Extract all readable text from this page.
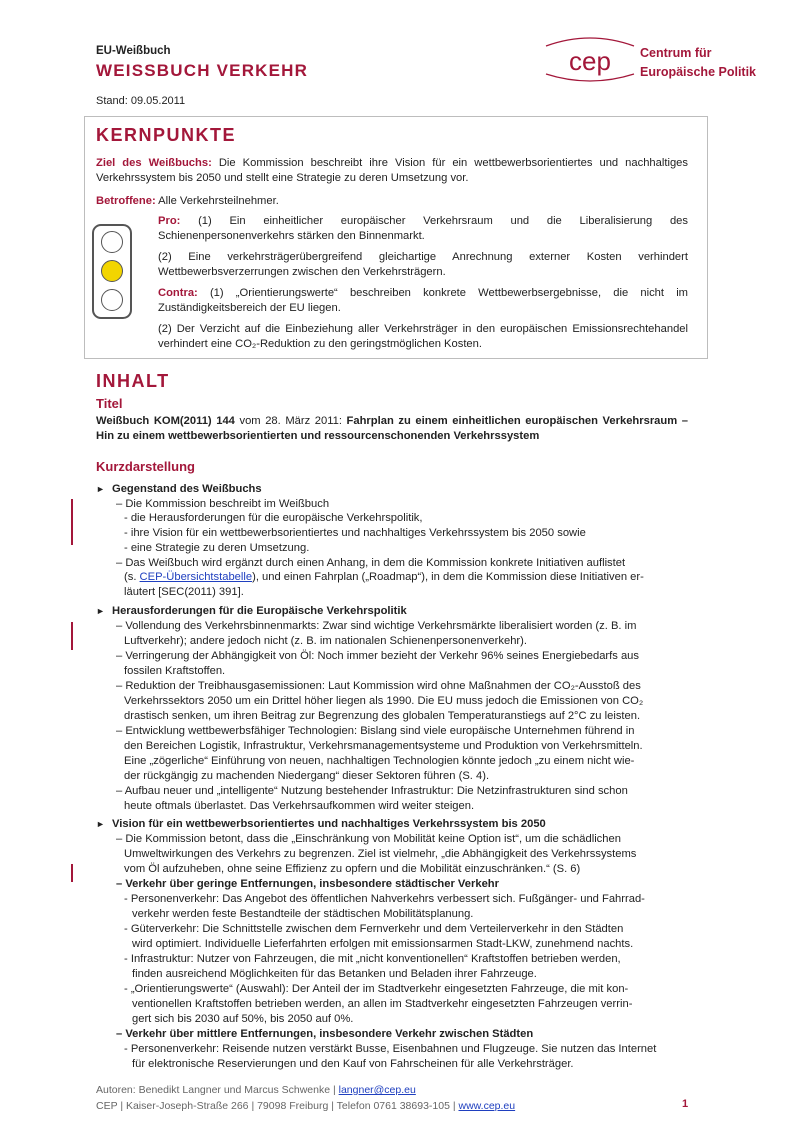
EU-Weißbuch
WEISSBUCH VERKEHR
Stand: 09.05.2011
cep Centrum für
Europäische Politik
KERNPUNKTE
Ziel des Weißbuchs: Die Kommission beschreibt ihre Vision für ein wettbewerbsorientiertes und nachhaltiges Verkehrssystem bis 2050 und stellt eine Strategie zu deren Umsetzung vor.
Betroffene: Alle Verkehrsteilnehmer.
Pro: (1) Ein einheitlicher europäischer Verkehrsraum und die Liberalisierung des Schienenpersonenverkehrs stärken den Binnenmarkt.
(2) Eine verkehrsträgerübergreifend gleichartige Anrechnung externer Kosten verhindert Wettbewerbsverzerrungen zwischen den Verkehrsträgern.
Contra: (1) „Orientierungswerte“ beschreiben konkrete Wettbewerbsergebnisse, die nicht im Zuständigkeitsbereich der EU liegen.
(2) Der Verzicht auf die Einbeziehung aller Verkehrsträger in den europäischen Emissionsrechtehandel verhindert eine CO₂-Reduktion zu den geringstmöglichen Kosten.
INHALT
Titel
Weißbuch KOM(2011) 144 vom 28. März 2011: Fahrplan zu einem einheitlichen europäischen Verkehrsraum – Hin zu einem wettbewerbsorientierten und ressourcenschonenden Verkehrssystem
Kurzdarstellung
► Gegenstand des Weißbuchs
– Die Kommission beschreibt im Weißbuch
- die Herausforderungen für die europäische Verkehrspolitik,
- ihre Vision für ein wettbewerbsorientiertes und nachhaltiges Verkehrssystem bis 2050 sowie
- eine Strategie zu deren Umsetzung.
– Das Weißbuch wird ergänzt durch einen Anhang, in dem die Kommission konkrete Initiativen auflistet
(s. CEP-Übersichtstabelle), und einen Fahrplan („Roadmap“), in dem die Kommission diese Initiativen er-
läutert [SEC(2011) 391].
► Herausforderungen für die Europäische Verkehrspolitik
– Vollendung des Verkehrsbinnenmarkts: Zwar sind wichtige Verkehrsmärkte liberalisiert worden (z. B. im
Luftverkehr); andere jedoch nicht (z. B. im nationalen Schienenpersonenverkehr).
– Verringerung der Abhängigkeit von Öl: Noch immer bezieht der Verkehr 96% seines Energiebedarfs aus
fossilen Kraftstoffen.
– Reduktion der Treibhausgasemissionen: Laut Kommission wird ohne Maßnahmen der CO₂-Ausstoß des
Verkehrssektors 2050 um ein Drittel höher liegen als 1990. Die EU muss jedoch die Emissionen von CO₂
drastisch senken, um ihren Beitrag zur Begrenzung des globalen Temperaturanstiegs auf 2°C zu leisten.
– Entwicklung wettbewerbsfähiger Technologien: Bislang sind viele europäische Unternehmen führend in
den Bereichen Logistik, Infrastruktur, Verkehrsmanagementsysteme und Produktion von Verkehrsmitteln.
Eine „zögerliche“ Einführung von neuen, nachhaltigen Technologien könnte jedoch „zu einem nicht wie-
der rückgängig zu machenden Niedergang“ dieser Sektoren führen (S. 4).
– Aufbau neuer und „intelligente“ Nutzung bestehender Infrastruktur: Die Netzinfrastrukturen sind schon
heute oftmals überlastet. Das Verkehrsaufkommen wird weiter steigen.
► Vision für ein wettbewerbsorientiertes und nachhaltiges Verkehrssystem bis 2050
– Die Kommission betont, dass die „Einschränkung von Mobilität keine Option ist“, um die schädlichen
Umweltwirkungen des Verkehrs zu begrenzen. Ziel ist vielmehr, „die Abhängigkeit des Verkehrssystems
vom Öl aufzuheben, ohne seine Effizienz zu opfern und die Mobilität einzuschränken.“ (S. 6)
– Verkehr über geringe Entfernungen, insbesondere städtischer Verkehr
- Personenverkehr: Das Angebot des öffentlichen Nahverkehrs verbessert sich. Fußgänger- und Fahrrad-
verkehr werden feste Bestandteile der städtischen Mobilitätsplanung.
- Güterverkehr: Die Schnittstelle zwischen dem Fernverkehr und dem Verteilerverkehr in den Städten
wird optimiert. Individuelle Lieferfahrten erfolgen mit emissionsarmen Stadt-LKW, zunehmend nachts.
- Infrastruktur: Nutzer von Fahrzeugen, die mit „nicht konventionellen“ Kraftstoffen betrieben werden,
finden ausreichend Möglichkeiten für das Betanken und Beladen ihrer Fahrzeuge.
- „Orientierungswerte“ (Auswahl): Der Anteil der im Stadtverkehr eingesetzten Fahrzeuge, die mit kon-
ventionellen Kraftstoffen betrieben werden, an allen im Stadtverkehr eingesetzten Fahrzeugen verrin-
gert sich bis 2030 auf 50%, bis 2050 auf 0%.
– Verkehr über mittlere Entfernungen, insbesondere Verkehr zwischen Städten
- Personenverkehr: Reisende nutzen verstärkt Busse, Eisenbahnen und Flugzeuge. Sie nutzen das Internet
für elektronische Reservierungen und den Kauf von Fahrscheinen für alle Verkehrsträger.
Autoren: Benedikt Langner und Marcus Schwenke | langner@cep.eu
CEP | Kaiser-Joseph-Straße 266 | 79098 Freiburg | Telefon 0761 38693-105 | www.cep.eu	1
